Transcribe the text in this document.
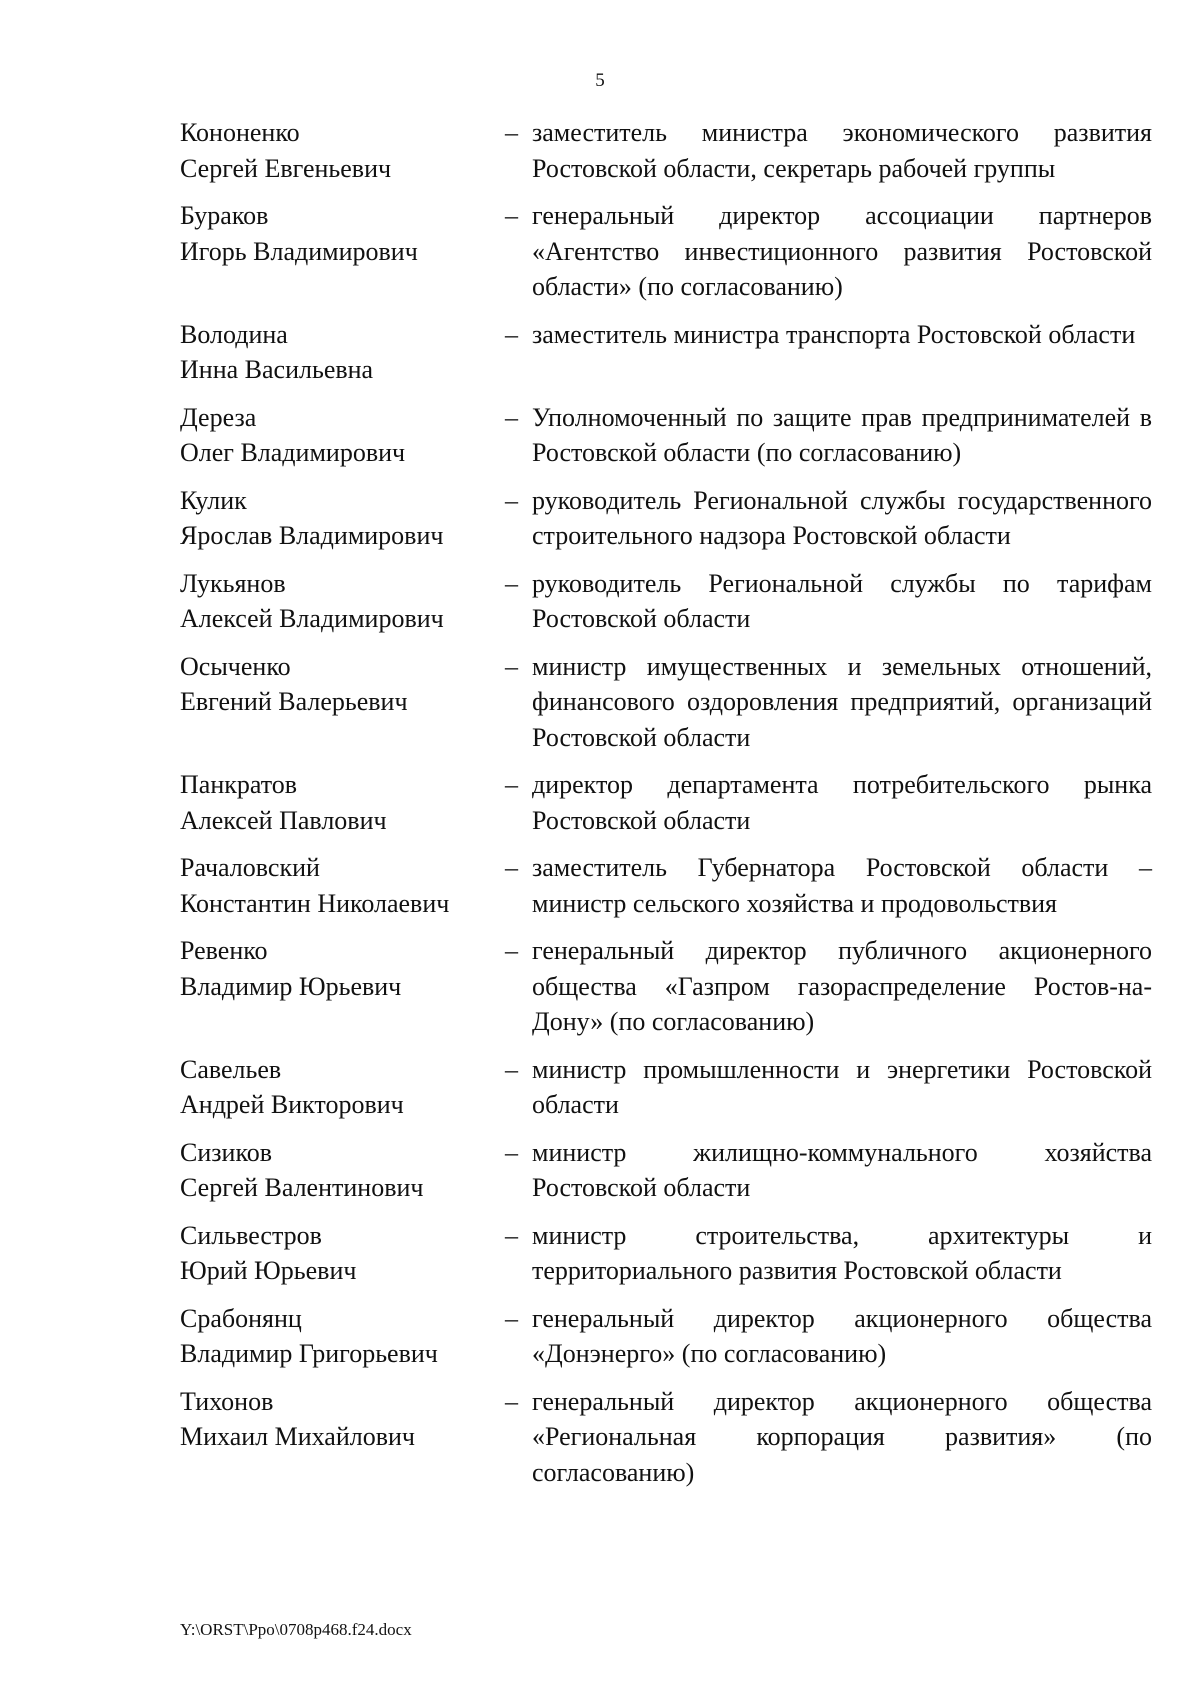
5
Кононенко
Сергей Евгеньевич
– заместитель министра экономического развития Ростовской области, секретарь рабочей группы
Бураков
Игорь Владимирович
– генеральный директор ассоциации партнеров «Агентство инвестиционного развития Ростовской области» (по согласованию)
Володина
Инна Васильевна
– заместитель министра транспорта Ростовской области
Дереза
Олег Владимирович
– Уполномоченный по защите прав предпринимателей в Ростовской области (по согласованию)
Кулик
Ярослав Владимирович
– руководитель Региональной службы государственного строительного надзора Ростовской области
Лукьянов
Алексей Владимирович
– руководитель Региональной службы по тарифам Ростовской области
Осыченко
Евгений Валерьевич
– министр имущественных и земельных отношений, финансового оздоровления предприятий, организаций Ростовской области
Панкратов
Алексей Павлович
– директор департамента потребительского рынка Ростовской области
Рачаловский
Константин Николаевич
– заместитель Губернатора Ростовской области – министр сельского хозяйства и продовольствия
Ревенко
Владимир Юрьевич
– генеральный директор публичного акционерного общества «Газпром газораспределение Ростов-на-Дону» (по согласованию)
Савельев
Андрей Викторович
– министр промышленности и энергетики Ростовской области
Сизиков
Сергей Валентинович
– министр жилищно-коммунального хозяйства Ростовской области
Сильвестров
Юрий Юрьевич
– министр строительства, архитектуры и территориального развития Ростовской области
Срабонянц
Владимир Григорьевич
– генеральный директор акционерного общества «Донэнерго» (по согласованию)
Тихонов
Михаил Михайлович
– генеральный директор акционерного общества «Региональная корпорация развития» (по согласованию)
Y:\ORST\Ppo\0708p468.f24.docx
